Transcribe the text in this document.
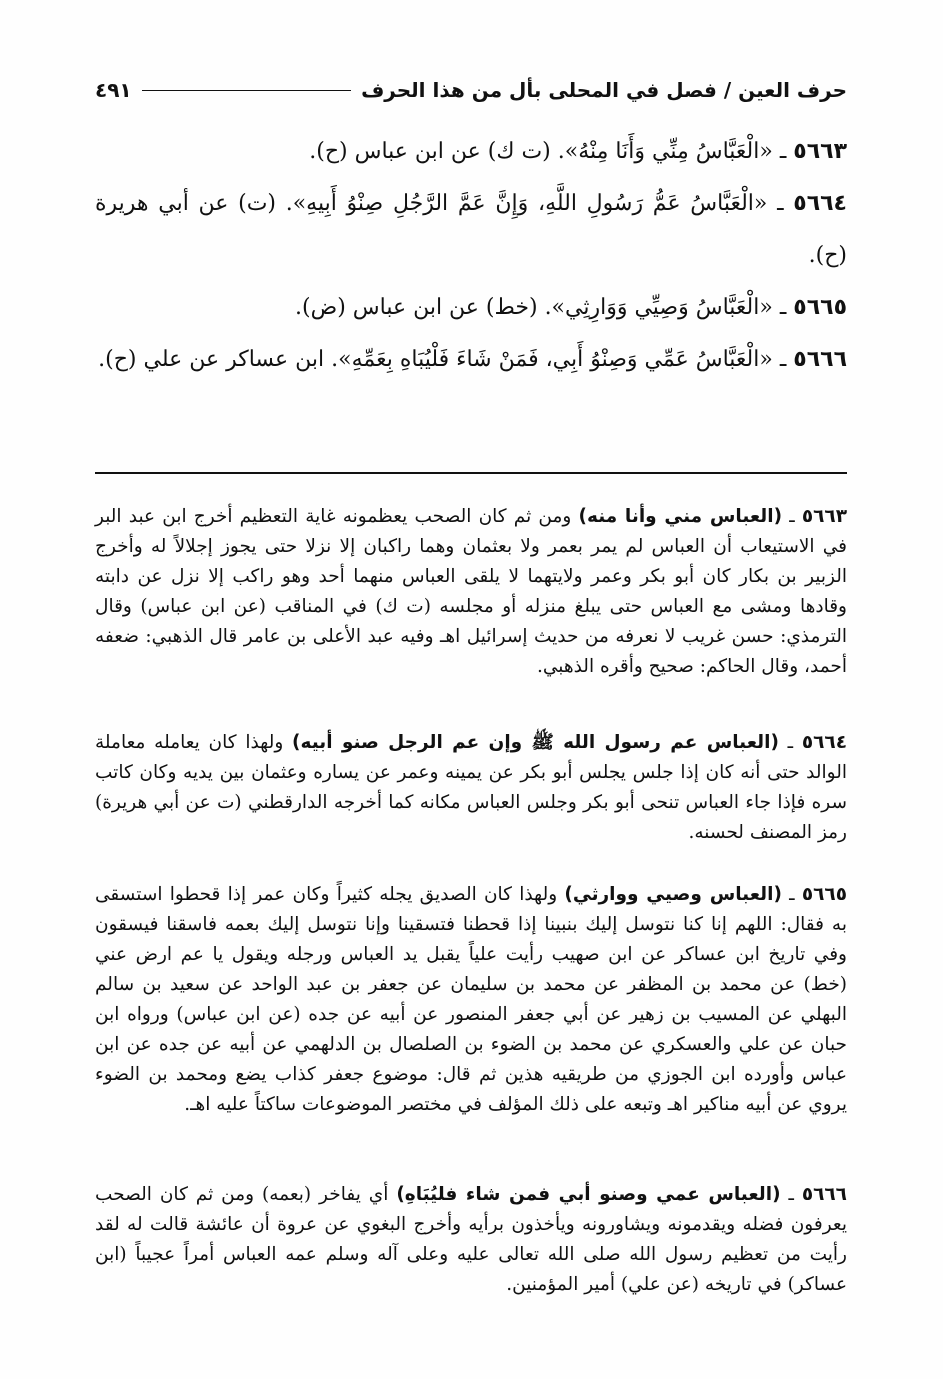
حرف العين / فصل في المحلى بأل من هذا الحرف
٤٩١

٥٦٦٣ ـ «الْعَبَّاسُ مِنِّي وَأَنَا مِنْهُ». (ت ك) عن ابن عباس (ح).

٥٦٦٤ ـ «الْعَبَّاسُ عَمُّ رَسُولِ اللَّهِ، وَإِنَّ عَمَّ الرَّجُلِ صِنْوُ أَبِيهِ». (ت) عن أبي هريرة (ح).

٥٦٦٥ ـ «الْعَبَّاسُ وَصِيِّي وَوَارِثِي». (خط) عن ابن عباس (ض).

٥٦٦٦ ـ «الْعَبَّاسُ عَمِّي وَصِنْوُ أَبِي، فَمَنْ شَاءَ فَلْيُبَاهِ بِعَمِّهِ». ابن عساكر عن علي (ح).

٥٦٦٣ ـ (العباس مني وأنا منه) ومن ثم كان الصحب يعظمونه غاية التعظيم أخرج ابن عبد البر في الاستيعاب أن العباس لم يمر بعمر ولا بعثمان وهما راكبان إلا نزلا حتى يجوز إجلالاً له وأخرج الزبير بن بكار كان أبو بكر وعمر ولايتهما لا يلقى العباس منهما أحد وهو راكب إلا نزل عن دابته وقادها ومشى مع العباس حتى يبلغ منزله أو مجلسه (ت ك) في المناقب (عن ابن عباس) وقال الترمذي: حسن غريب لا نعرفه من حديث إسرائيل اهـ وفيه عبد الأعلى بن عامر قال الذهبي: ضعفه أحمد، وقال الحاكم: صحيح وأقره الذهبي.

٥٦٦٤ ـ (العباس عم رسول الله ﷺ وإن عم الرجل صنو أبيه) ولهذا كان يعامله معاملة الوالد حتى أنه كان إذا جلس يجلس أبو بكر عن يمينه وعمر عن يساره وعثمان بين يديه وكان كاتب سره فإذا جاء العباس تنحى أبو بكر وجلس العباس مكانه كما أخرجه الدارقطني (ت عن أبي هريرة) رمز المصنف لحسنه.

٥٦٦٥ ـ (العباس وصيي ووارثي) ولهذا كان الصديق يجله كثيراً وكان عمر إذا قحطوا استسقى به فقال: اللهم إنا كنا نتوسل إليك بنبينا إذا قحطنا فتسقينا وإنا نتوسل إليك بعمه فاسقنا فيسقون وفي تاريخ ابن عساكر عن ابن صهيب رأيت علياً يقبل يد العباس ورجله ويقول يا عم ارض عني (خط) عن محمد بن المظفر عن محمد بن سليمان عن جعفر بن عبد الواحد عن سعيد بن سالم البهلي عن المسيب بن زهير عن أبي جعفر المنصور عن أبيه عن جده (عن ابن عباس) ورواه ابن حبان عن علي والعسكري عن محمد بن الضوء بن الصلصال بن الدلهمي عن أبيه عن جده عن ابن عباس وأورده ابن الجوزي من طريقيه هذين ثم قال: موضوع جعفر كذاب يضع ومحمد بن الضوء يروي عن أبيه مناكير اهـ وتبعه على ذلك المؤلف في مختصر الموضوعات ساكتاً عليه اهـ.

٥٦٦٦ ـ (العباس عمي وصنو أبي فمن شاء فليُبَاهِ) أي يفاخر (بعمه) ومن ثم كان الصحب يعرفون فضله ويقدمونه ويشاورونه ويأخذون برأيه وأخرج البغوي عن عروة أن عائشة قالت له لقد رأيت من تعظيم رسول الله صلى الله تعالى عليه وعلى آله وسلم عمه العباس أمراً عجيباً (ابن عساكر) في تاريخه (عن علي) أمير المؤمنين.
